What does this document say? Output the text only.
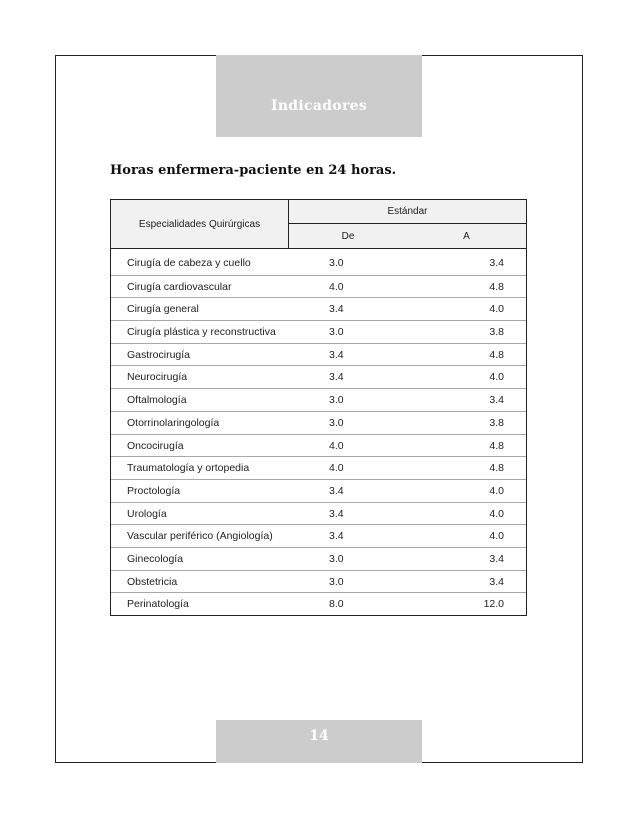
Indicadores
Horas enfermera-paciente en 24 horas.
Especialidades Quirúrgicas
Estándar
De	A
Cirugía de cabeza y cuello	3.0	3.4
Cirugía cardiovascular	4.0	4.8
Cirugía general	3.4	4.0
Cirugía plástica y reconstructiva	3.0	3.8
Gastrocirugía	3.4	4.8
Neurocirugía	3.4	4.0
Oftalmología	3.0	3.4
Otorrinolaringología	3.0	3.8
Oncocirugía	4.0	4.8
Traumatología y ortopedia	4.0	4.8
Proctología	3.4	4.0
Urología	3.4	4.0
Vascular periférico (Angiología)	3.4	4.0
Ginecología	3.0	3.4
Obstetricia	3.0	3.4
Perinatología	8.0	12.0
14
